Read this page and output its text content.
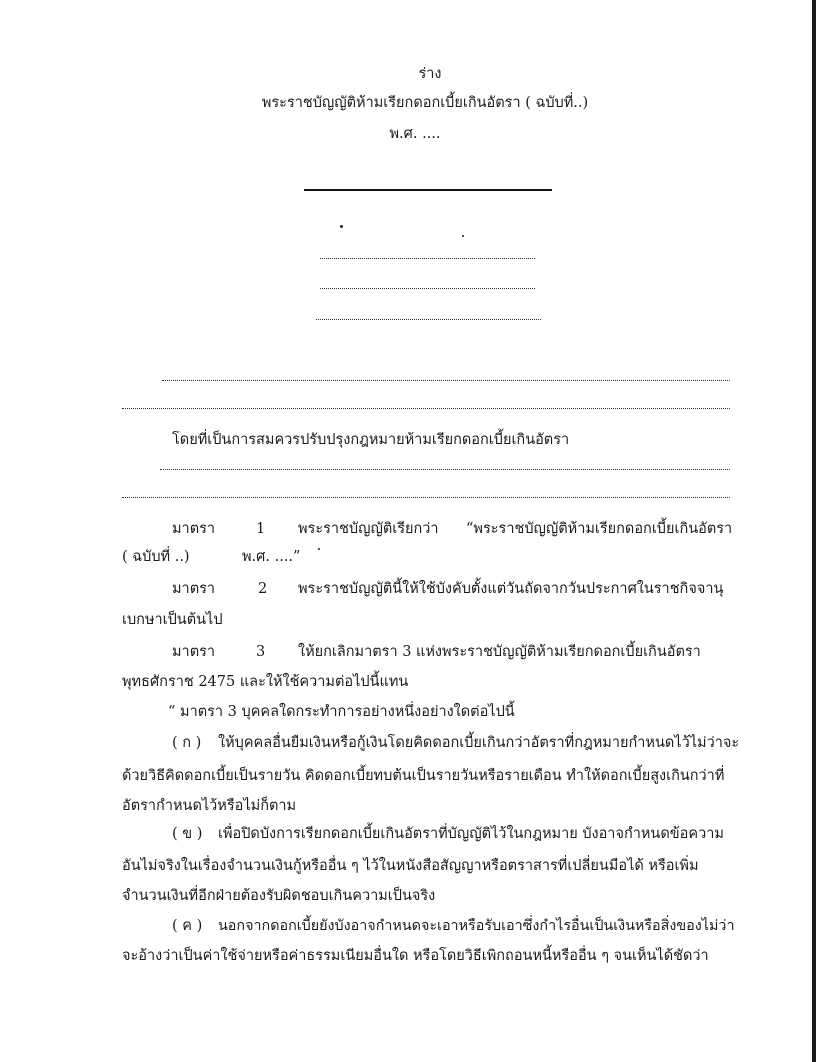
ร่าง
พระราชบัญญัติห้ามเรียกดอกเบี้ยเกินอัตรา ( ฉบับที่..)
พ.ศ. ....
โดยที่เป็นการสมควรปรับปรุงกฎหมายห้ามเรียกดอกเบี้ยเกินอัตรา
มาตรา	1 พระราชบัญญัติเรียกว่า “พระราชบัญญัติห้ามเรียกดอกเบี้ยเกินอัตรา
( ฉบับที่ ..)	พ.ศ. ....”
มาตรา	2 พระราชบัญญัตินี้ให้ใช้บังคับตั้งแต่วันถัดจากวันประกาศในราชกิจจานุ
เบกษาเป็นต้นไป
มาตรา	3 ให้ยกเลิกมาตรา 3 แห่งพระราชบัญญัติห้ามเรียกดอกเบี้ยเกินอัตรา
พุทธศักราช 2475 และให้ใช้ความต่อไปนี้แทน
“ มาตรา 3 บุคคลใดกระทำการอย่างหนึ่งอย่างใดต่อไปนี้
( ก ) ให้บุคคลอื่นยืมเงินหรือกู้เงินโดยคิดดอกเบี้ยเกินกว่าอัตราที่กฎหมายกำหนดไว้ไม่ว่าจะ
ด้วยวิธีคิดดอกเบี้ยเป็นรายวัน คิดดอกเบี้ยทบต้นเป็นรายวันหรือรายเดือน ทำให้ดอกเบี้ยสูงเกินกว่าที่
อัตรากำหนดไว้หรือไม่ก็ตาม
( ข ) เพื่อปิดบังการเรียกดอกเบี้ยเกินอัตราที่บัญญัติไว้ในกฎหมาย บังอาจกำหนดข้อความ
อันไม่จริงในเรื่องจำนวนเงินกู้หรืออื่น ๆ ไว้ในหนังสือสัญญาหรือตราสารที่เปลี่ยนมือได้ หรือเพิ่ม
จำนวนเงินที่อีกฝ่ายต้องรับผิดชอบเกินความเป็นจริง
( ค ) นอกจากดอกเบี้ยยังบังอาจกำหนดจะเอาหรือรับเอาซึ่งกำไรอื่นเป็นเงินหรือสิ่งของไม่ว่า
จะอ้างว่าเป็นค่าใช้จ่ายหรือค่าธรรมเนียมอื่นใด หรือโดยวิธีเพิกถอนหนี้หรืออื่น ๆ จนเห็นได้ชัดว่า
